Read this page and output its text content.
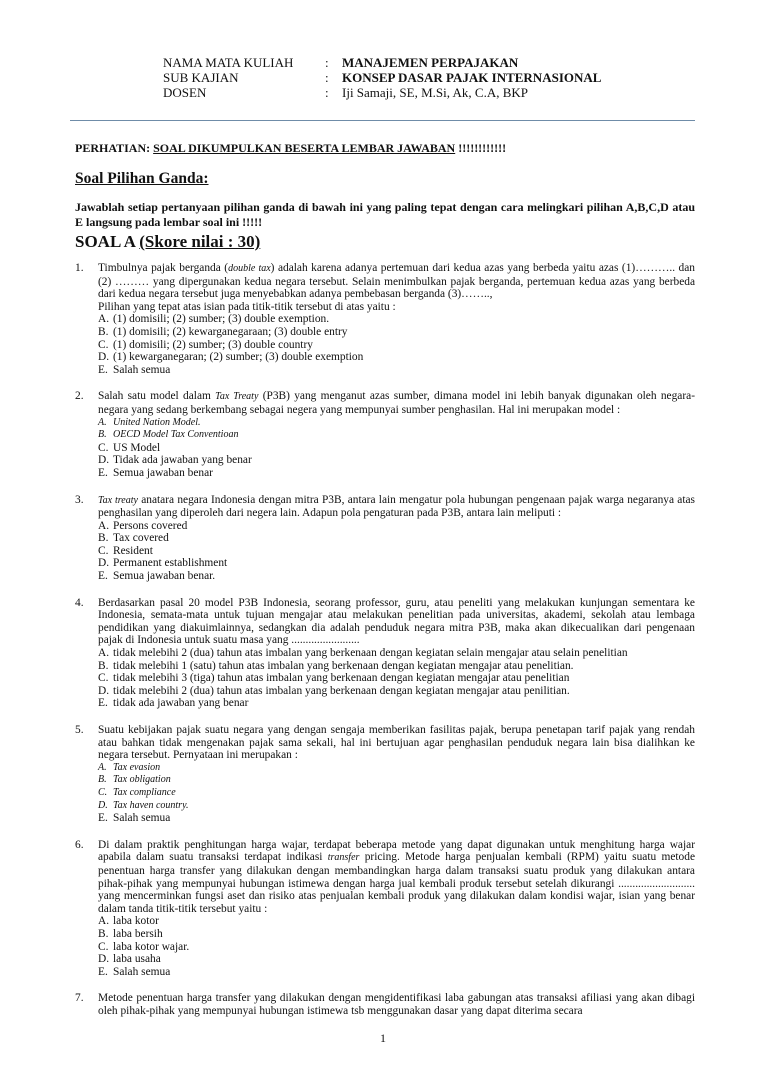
NAMA MATA KULIAH : MANAJEMEN PERPAJAKAN
SUB KAJIAN	: KONSEP DASAR PAJAK INTERNASIONAL
DOSEN	: Iji Samaji, SE, M.Si, Ak, C.A, BKP
PERHATIAN: SOAL DIKUMPULKAN BESERTA LEMBAR JAWABAN !!!!!!!!!!!!
Soal Pilihan Ganda:
Jawablah setiap pertanyaan pilihan ganda di bawah ini yang paling tepat dengan cara melingkari pilihan A,B,C,D atau E langsung pada lembar soal ini !!!!!
SOAL A (Skore nilai : 30)
1. Timbulnya pajak berganda (double tax) adalah karena adanya pertemuan dari kedua azas yang berbeda yaitu azas (1)……….. dan (2) ……… yang dipergunakan kedua negara tersebut. Selain menimbulkan pajak berganda, pertemuan kedua azas yang berbeda dari kedua negara tersebut juga menyebabkan adanya pembebasan berganda (3)……..,
Pilihan yang tepat atas isian pada titik-titik tersebut di atas yaitu :
A. (1) domisili; (2) sumber; (3) double exemption.
B. (1) domisili; (2) kewarganegaraan; (3) double entry
C. (1) domisili; (2) sumber; (3) double country
D. (1) kewarganegaran; (2) sumber; (3) double exemption
E. Salah semua
2. Salah satu model dalam Tax Treaty (P3B) yang menganut azas sumber, dimana model ini lebih banyak digunakan oleh negara-negara yang sedang berkembang sebagai negera yang mempunyai sumber penghasilan. Hal ini merupakan model :
A. United Nation Model.
B. OECD Model Tax Conventioan
C. US Model
D. Tidak ada jawaban yang benar
E. Semua jawaban benar
3. Tax treaty anatara negara Indonesia dengan mitra P3B, antara lain mengatur pola hubungan pengenaan pajak warga negaranya atas penghasilan yang diperoleh dari negera lain. Adapun pola pengaturan pada P3B, antara lain meliputi :
A. Persons covered
B. Tax covered
C. Resident
D. Permanent establishment
E. Semua jawaban benar.
4. Berdasarkan pasal 20 model P3B Indonesia, seorang professor, guru, atau peneliti yang melakukan kunjungan sementara ke Indonesia, semata-mata untuk tujuan mengajar atau melakukan penelitian pada universitas, akademi, sekolah atau lembaga pendidikan yang diakuimlainnya, sedangkan dia adalah penduduk negara mitra P3B, maka akan dikecualikan dari pengenaan pajak di Indonesia untuk suatu masa yang ........................
A. tidak melebihi 2 (dua) tahun atas imbalan yang berkenaan dengan kegiatan selain mengajar atau selain penelitian
B. tidak melebihi 1 (satu) tahun atas imbalan yang berkenaan dengan kegiatan mengajar atau penelitian.
C. tidak melebihi 3 (tiga) tahun atas imbalan yang berkenaan dengan kegiatan mengajar atau penelitian
D. tidak melebihi 2 (dua) tahun atas imbalan yang berkenaan dengan kegiatan mengajar atau penilitian.
E. tidak ada jawaban yang benar
5. Suatu kebijakan pajak suatu negara yang dengan sengaja memberikan fasilitas pajak, berupa penetapan tarif pajak yang rendah atau bahkan tidak mengenakan pajak sama sekali, hal ini bertujuan agar penghasilan penduduk negara lain bisa dialihkan ke negara tersebut. Pernyataan ini merupakan :
A. Tax evasion
B. Tax obligation
C. Tax compliance
D. Tax haven country.
E. Salah semua
6. Di dalam praktik penghitungan harga wajar, terdapat beberapa metode yang dapat digunakan untuk menghitung harga wajar apabila dalam suatu transaksi terdapat indikasi transfer pricing. Metode harga penjualan kembali (RPM) yaitu suatu metode penentuan harga transfer yang dilakukan dengan membandingkan harga dalam transaksi suatu produk yang dilakukan antara pihak-pihak yang mempunyai hubungan istimewa dengan harga jual kembali produk tersebut setelah dikurangi ........................... yang mencerminkan fungsi aset dan risiko atas penjualan kembali produk yang dilakukan dalam kondisi wajar, isian yang benar dalam tanda titik-titik tersebut yaitu :
A. laba kotor
B. laba bersih
C. laba kotor wajar.
D. laba usaha
E. Salah semua
7. Metode penentuan harga transfer yang dilakukan dengan mengidentifikasi laba gabungan atas transaksi afiliasi yang akan dibagi oleh pihak-pihak yang mempunyai hubungan istimewa tsb menggunakan dasar yang dapat diterima secara
1
